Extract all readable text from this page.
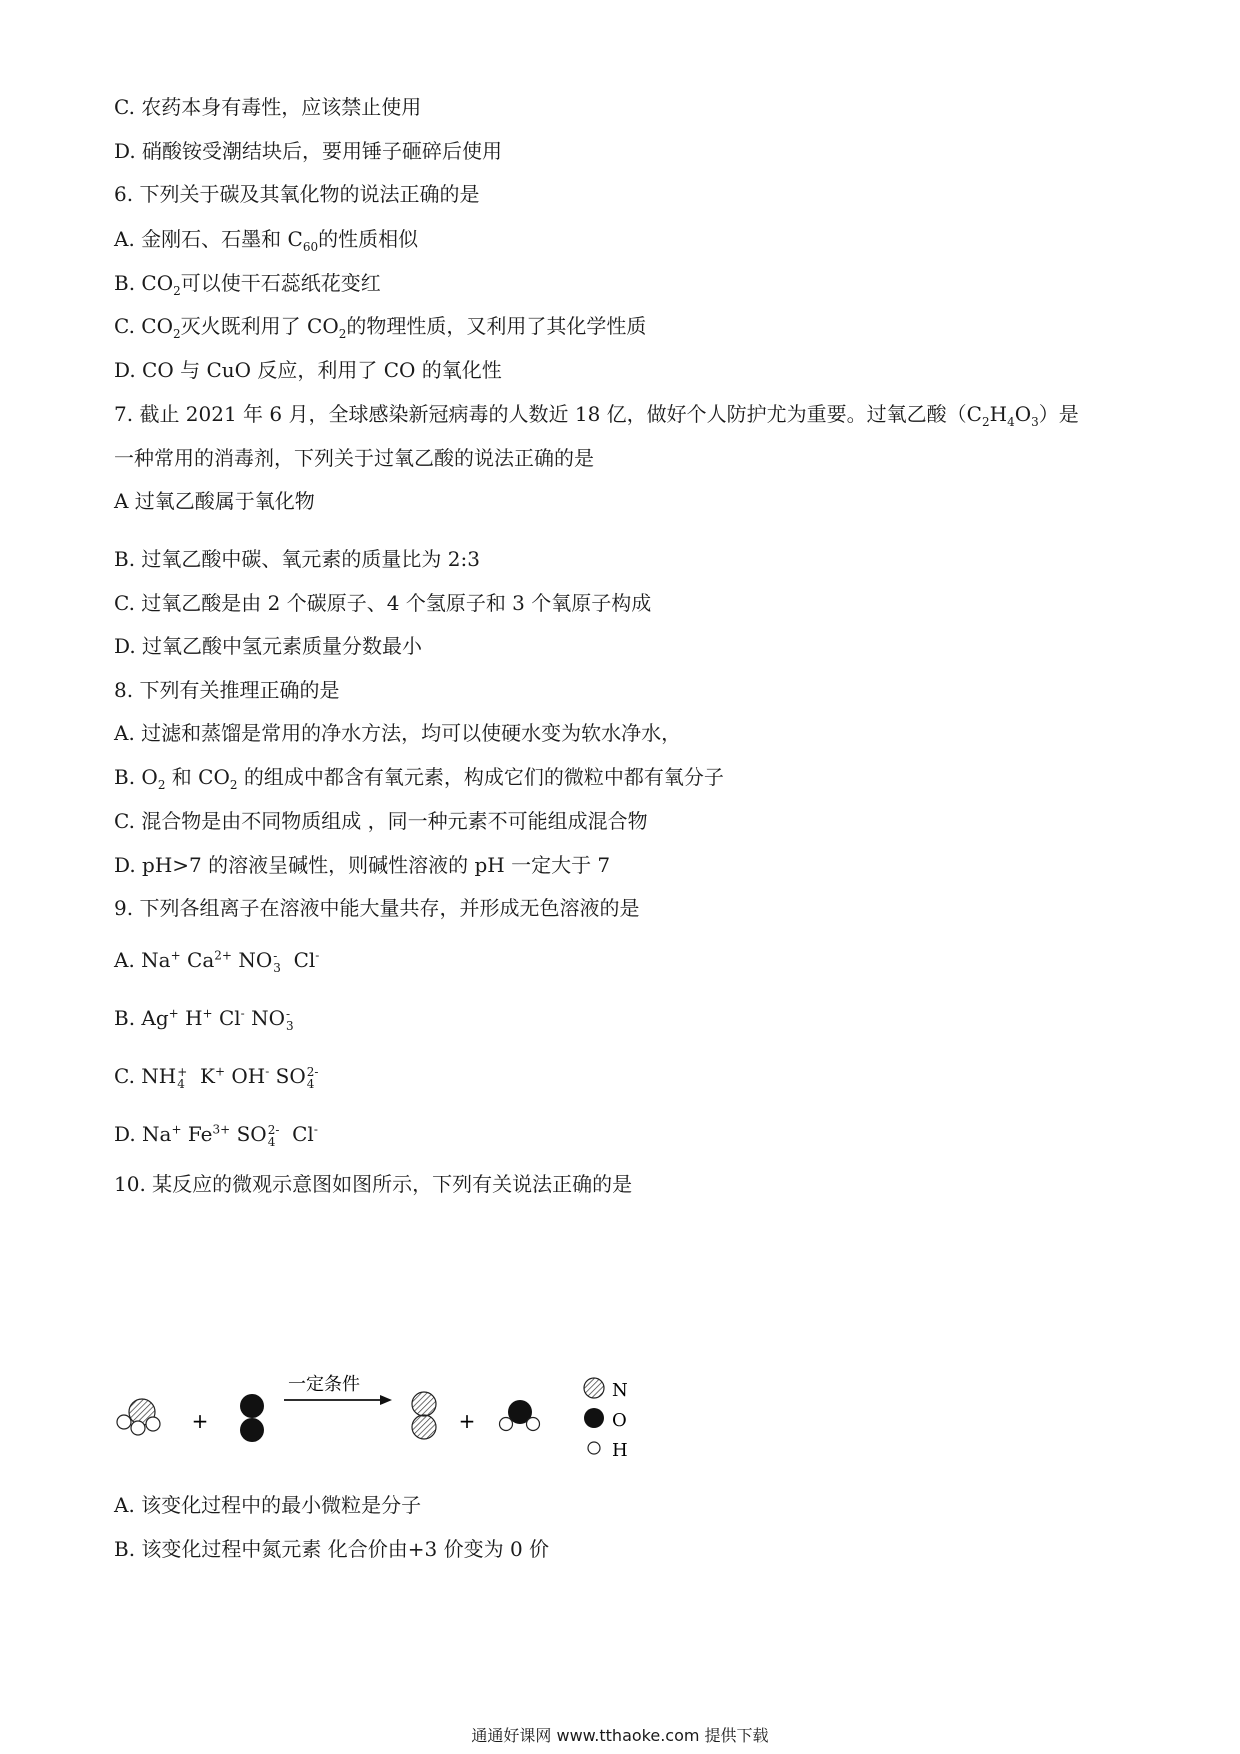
C. 农药本身有毒性，应该禁止使用
D. 硝酸铵受潮结块后，要用锤子砸碎后使用
6. 下列关于碳及其氧化物的说法正确的是
A. 金刚石、石墨和 $C_{60}$的性质相似
B. $CO_2$可以使干石蕊纸花变红
C. $CO_2$灭火既利用了 $CO_2$的物理性质，又利用了其化学性质
D. CO 与 CuO 反应，利用了 CO 的氧化性
7. 截止 2021 年 6 月，全球感染新冠病毒的人数近 18 亿，做好个人防护尤为重要。过氧乙酸$(C_2H_4O_3)$是
一种常用的消毒剂，下列关于过氧乙酸的说法正确的是
A 过氧乙酸属于氧化物
B. 过氧乙酸中碳、氧元素的质量比为 2:3
C. 过氧乙酸是由 2 个碳原子、4 个氢原子和 3 个氧原子构成
D. 过氧乙酸中氢元素质量分数最小
8. 下列有关推理正确的是
A. 过滤和蒸馏是常用的净水方法，均可以使硬水变为软水净水，
B. $O_2$ 和 $CO_2$ 的组成中都含有氧元素，构成它们的微粒中都有氧分子
C. 混合物是由不同物质组成 ，同一种元素不可能组成混合物
D. pH>7 的溶液呈碱性，则碱性溶液的 pH 一定大于 7
9. 下列各组离子在溶液中能大量共存，并形成无色溶液的是
A. Na+ $Ca^{2+}$ NO -
3 Cl-
B. Ag+ H+ Cl- NO -
3
C. NH +
4 K+ OH- SO 2-
4
D. Na+ $Fe^{3+}$ SO 2-
4 Cl-
10. 某反应的微观示意图如图所示，下列有关说法正确的是
+
一定条件
+
N
O
H
A. 该变化过程中的最小微粒是分子
B. 该变化过程中氮元素 化合价由+3 价变为 0 价
通通好课网 www.tthaoke.com 提供下载
